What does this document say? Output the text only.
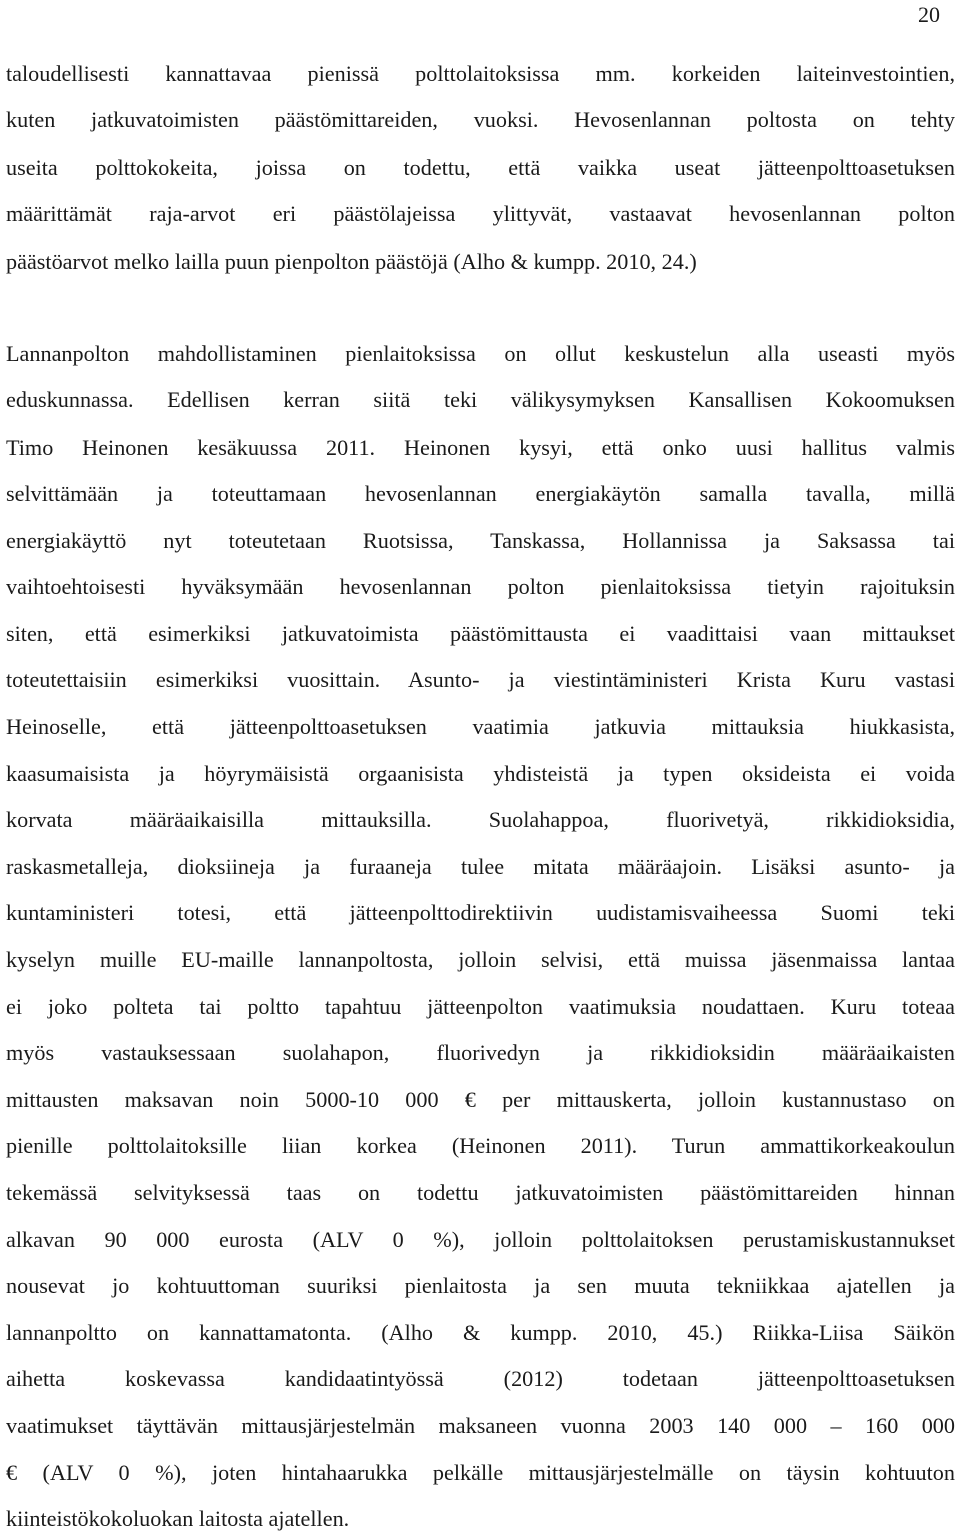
20
taloudellisesti kannattavaa pienissä polttolaitoksissa mm. korkeiden laiteinvestointien,
kuten jatkuvatoimisten päästömittareiden, vuoksi. Hevosenlannan poltosta on tehty
useita polttokokeita, joissa on todettu, että vaikka useat jätteenpolttoasetuksen
määrittämät raja-arvot eri päästölajeissa ylittyvät, vastaavat hevosenlannan polton
päästöarvot melko lailla puun pienpolton päästöjä (Alho & kumpp. 2010, 24.)
Lannanpolton mahdollistaminen pienlaitoksissa on ollut keskustelun alla useasti myös
eduskunnassa. Edellisen kerran siitä teki välikysymyksen Kansallisen Kokoomuksen
Timo Heinonen kesäkuussa 2011. Heinonen kysyi, että onko uusi hallitus valmis
selvittämään ja toteuttamaan hevosenlannan energiakäytön samalla tavalla, millä
energiakäyttö nyt toteutetaan Ruotsissa, Tanskassa, Hollannissa ja Saksassa tai
vaihtoehtoisesti hyväksymään hevosenlannan polton pienlaitoksissa tietyin rajoituksin
siten, että esimerkiksi jatkuvatoimista päästömittausta ei vaadittaisi vaan mittaukset
toteutettaisiin esimerkiksi vuosittain. Asunto- ja viestintäministeri Krista Kuru vastasi
Heinoselle, että jätteenpolttoasetuksen vaatimia jatkuvia mittauksia hiukkasista,
kaasumaisista ja höyrymäisistä orgaanisista yhdisteistä ja typen oksideista ei voida
korvata määräaikaisilla mittauksilla. Suolahappoa, fluorivetyä, rikkidioksidia,
raskasmetalleja, dioksiineja ja furaaneja tulee mitata määräajoin. Lisäksi asunto- ja
kuntaministeri totesi, että jätteenpolttodirektiivin uudistamisvaiheessa Suomi teki
kyselyn muille EU-maille lannanpoltosta, jolloin selvisi, että muissa jäsenmaissa lantaa
ei joko polteta tai poltto tapahtuu jätteenpolton vaatimuksia noudattaen. Kuru toteaa
myös vastauksessaan suolahapon, fluorivedyn ja rikkidioksidin määräaikaisten
mittausten maksavan noin 5000-10 000 € per mittauskerta, jolloin kustannustaso on
pienille polttolaitoksille liian korkea (Heinonen 2011). Turun ammattikorkeakoulun
tekemässä selvityksessä taas on todettu jatkuvatoimisten päästömittareiden hinnan
alkavan 90 000 eurosta (ALV 0 %), jolloin polttolaitoksen perustamiskustannukset
nousevat jo kohtuuttoman suuriksi pienlaitosta ja sen muuta tekniikkaa ajatellen ja
lannanpoltto on kannattamatonta. (Alho & kumpp. 2010, 45.) Riikka-Liisa Säikön
aihetta koskevassa kandidaatintyössä (2012) todetaan jätteenpolttoasetuksen
vaatimukset täyttävän mittausjärjestelmän maksaneen vuonna 2003 140 000 – 160 000
€ (ALV 0 %), joten hintahaarukka pelkälle mittausjärjestelmälle on täysin kohtuuton
kiinteistökokoluokan laitosta ajatellen.
